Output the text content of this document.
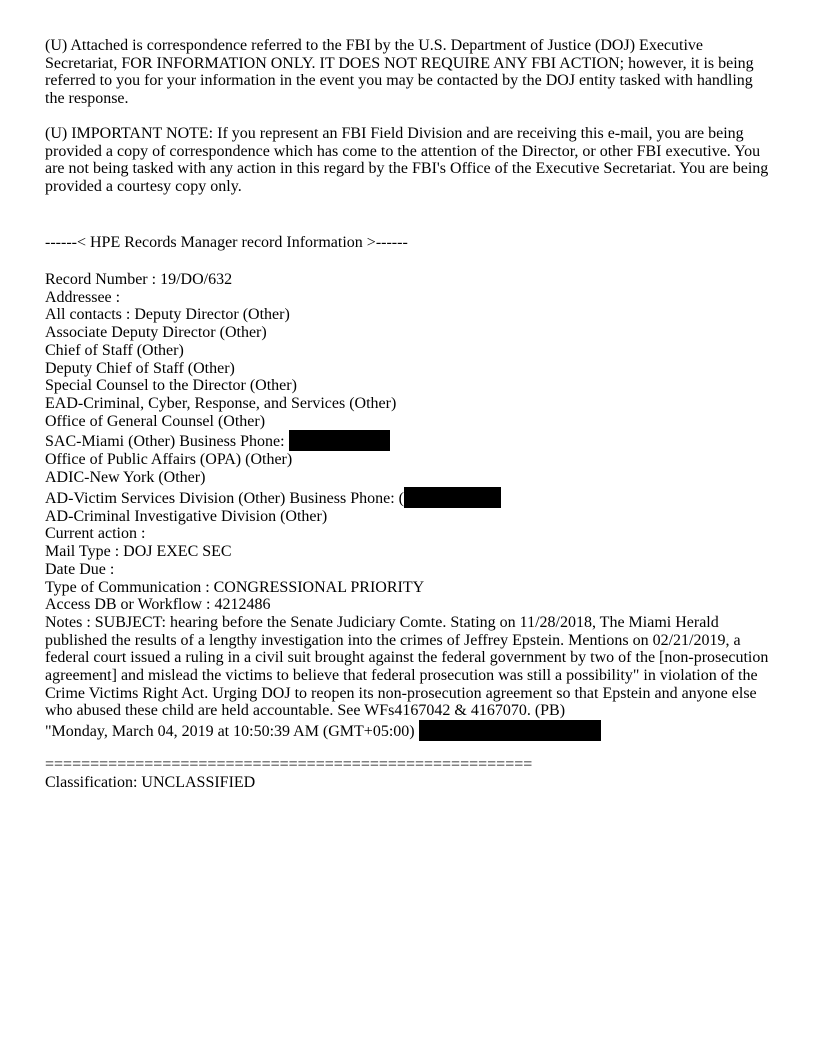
(U) Attached is correspondence referred to the FBI by the U.S. Department of Justice (DOJ) Executive
Secretariat, FOR INFORMATION ONLY. IT DOES NOT REQUIRE ANY FBI ACTION; however, it is being
referred to you for your information in the event you may be contacted by the DOJ entity tasked with handling
the response.
(U) IMPORTANT NOTE: If you represent an FBI Field Division and are receiving this e-mail, you are being
provided a copy of correspondence which has come to the attention of the Director, or other FBI executive. You
are not being tasked with any action in this regard by the FBI's Office of the Executive Secretariat. You are being
provided a courtesy copy only.
------< HPE Records Manager record Information >------
Record Number : 19/DO/632
Addressee :
All contacts : Deputy Director (Other)
Associate Deputy Director (Other)
Chief of Staff (Other)
Deputy Chief of Staff (Other)
Special Counsel to the Director (Other)
EAD-Criminal, Cyber, Response, and Services (Other)
Office of General Counsel (Other)
SAC-Miami (Other) Business Phone:
Office of Public Affairs (OPA) (Other)
ADIC-New York (Other)
AD-Victim Services Division (Other) Business Phone: (
AD-Criminal Investigative Division (Other)
Current action :
Mail Type : DOJ EXEC SEC
Date Due :
Type of Communication : CONGRESSIONAL PRIORITY
Access DB or Workflow : 4212486
Notes : SUBJECT: hearing before the Senate Judiciary Comte. Stating on 11/28/2018, The Miami Herald
published the results of a lengthy investigation into the crimes of Jeffrey Epstein. Mentions on 02/21/2019, a
federal court issued a ruling in a civil suit brought against the federal government by two of the [non-prosecution
agreement] and mislead the victims to believe that federal prosecution was still a possibility" in violation of the
Crime Victims Right Act. Urging DOJ to reopen its non-prosecution agreement so that Epstein and anyone else
who abused these child are held accountable. See WFs4167042 & 4167070. (PB)
"Monday, March 04, 2019 at 10:50:39 AM (GMT+05:00)
======================================================
Classification: UNCLASSIFIED
